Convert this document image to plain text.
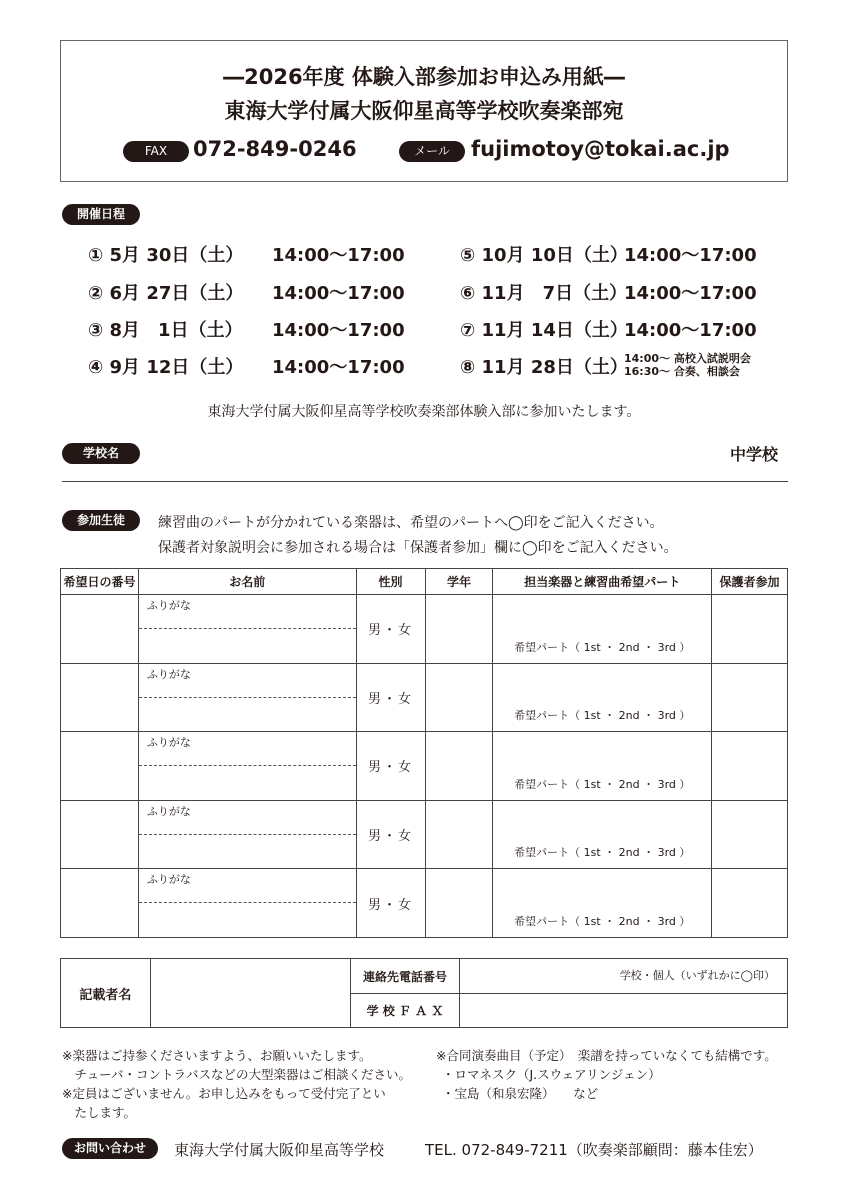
―2026年度 体験入部参加お申込み用紙―
東海大学付属大阪仰星高等学校吹奏楽部宛
FAX	072-849-0246	メール	fujimotoy@tokai.ac.jp
開催日程
① 5月 30日（土） 14:00～17:00
② 6月 27日（土） 14:00～17:00
③ 8月　1日（土） 14:00～17:00
④ 9月 12日（土） 14:00～17:00
⑤ 10月 10日（土）
14:00～17:00
⑥ 11月　7日（土）
14:00～17:00
⑦ 11月 14日（土）
14:00～17:00
⑧ 11月 28日（土）
14:00～ 高校入試説明会
16:30～ 合奏、相談会
東海大学付属大阪仰星高等学校吹奏楽部体験入部に参加いたします。
学校名	中学校
参加生徒	練習曲のパートが分かれている楽器は、希望のパートへ◯印をご記入ください。
保護者対象説明会に参加される場合は「保護者参加」欄に◯印をご記入ください。
希望日の番号	お名前	性別	学年	担当楽器と練習曲希望パート	保護者参加
	ふりがな	男・女		希望パート（ 1st ・ 2nd ・ 3rd ）	

	ふりがな	男・女		希望パート（ 1st ・ 2nd ・ 3rd ）	

	ふりがな	男・女		希望パート（ 1st ・ 2nd ・ 3rd ）	

	ふりがな	男・女		希望パート（ 1st ・ 2nd ・ 3rd ）	

	ふりがな	男・女		希望パート（ 1st ・ 2nd ・ 3rd ）	

記載者名		連絡先電話番号	学校・個人（いずれかに◯印）
		学 校 Ｆ Ａ Ｘ	
※楽器はご持参くださいますよう、お願いいたします。
　チューバ・コントラバスなどの大型楽器はご相談ください。
※定員はございません。お申し込みをもって受付完了とい
　たします。
※合同演奏曲目（予定）　楽譜を持っていなくても結構です。
・ロマネスク（J.スウェアリンジェン）
・宝島（和泉宏隆）　　など
お問い合わせ	東海大学付属大阪仰星高等学校	TEL. 072-849-7211（吹奏楽部顧問：藤本佳宏）
